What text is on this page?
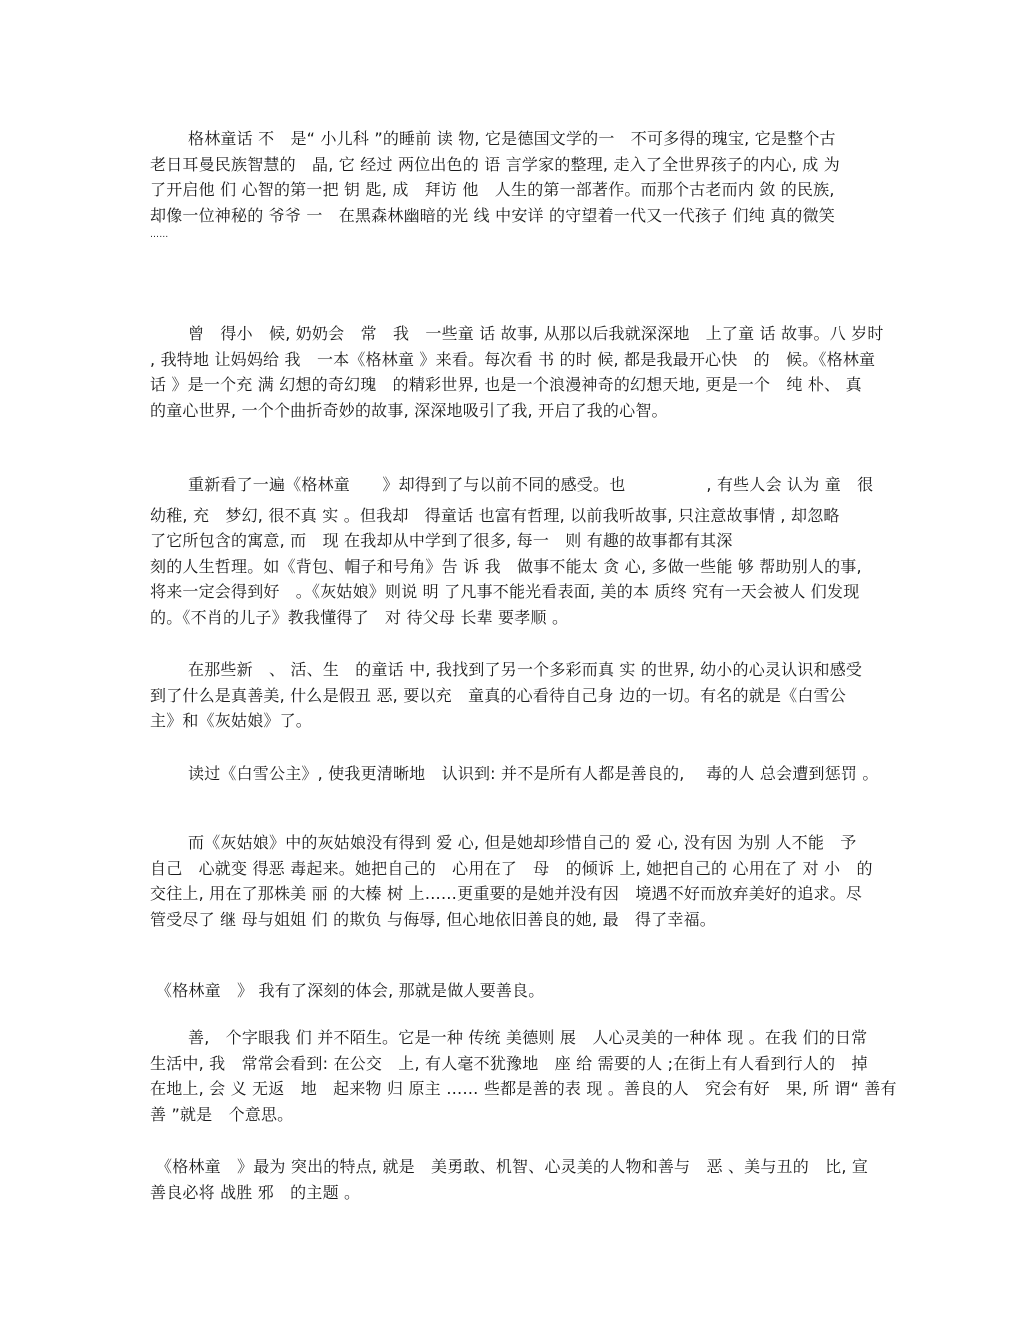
格林童话 不　是“ 小儿科 ”的睡前 读 物, 它是德国文学的一　不可多得的瑰宝, 它是整个古
老日耳曼民族智慧的　晶, 它 经过 两位出色的 语 言学家的整理, 走入了全世界孩子的内心, 成 为
了开启他 们 心智的第一把 钥 匙, 成　拜访 他　人生的第一部著作。而那个古老而内 敛 的民族,
却像一位神秘的 爷爷 一　在黑森林幽暗的光 线 中安详 的守望着一代又一代孩子 们纯 真的微笑
……
曾　得小　候, 奶奶会　常　我　一些童 话 故事, 从那以后我就深深地　上了童 话 故事。八 岁时
, 我特地 让妈妈给 我　一本《格林童 》来看。每次看 书 的时 候, 都是我最开心快　的　候。《格林童
话 》是一个充 满 幻想的奇幻瑰　的精彩世界, 也是一个浪漫神奇的幻想天地, 更是一个　纯 朴、 真
的童心世界, 一个个曲折奇妙的故事, 深深地吸引了我, 开启了我的心智。
重新看了一遍《格林童　　》却得到了与以前不同的感受。也　　　　　, 有些人会 认为 童　很
幼稚, 充　梦幻, 很不真 实 。但我却　得童话 也富有哲理, 以前我听故事, 只注意故事情 , 却忽略
了它所包含的寓意, 而　现 在我却从中学到了很多, 每一　则 有趣的故事都有其深
刻的人生哲理。如《背包、帽子和号角》告 诉 我　做事不能太 贪 心, 多做一些能 够 帮助别人的事,
将来一定会得到好　。《灰姑娘》则说 明 了凡事不能光看表面, 美的本 质终 究有一天会被人 们发现
的。《不肖的儿子》教我懂得了　对 待父母 长辈 要孝顺 。
在那些新　、 活、生　的童话 中, 我找到了另一个多彩而真 实 的世界, 幼小的心灵认识和感受
到了什么是真善美, 什么是假丑 恶, 要以充　童真的心看待自己身 边的一切。有名的就是《白雪公
主》和《灰姑娘》了。
读过《白雪公主》, 使我更清晰地　认识到: 并不是所有人都是善良的,　 毒的人 总会遭到惩罚 。
而《灰姑娘》中的灰姑娘没有得到 爱 心, 但是她却珍惜自己的 爱 心, 没有因 为别 人不能　予
自己　心就变 得恶 毒起来。她把自己的　心用在了　母　的倾诉 上, 她把自己的 心用在了 对 小　的
交往上, 用在了那株美 丽 的大榛 树 上……更重要的是她并没有因　境遇不好而放弃美好的追求。尽
管受尽了 继 母与姐姐 们 的欺负 与侮辱, 但心地依旧善良的她, 最　得了幸福。
《格林童　》 我有了深刻的体会, 那就是做人要善良。
善,　个字眼我 们 并不陌生。它是一种 传统 美德则 展　人心灵美的一种体 现 。在我 们的日常
生活中, 我　常常会看到: 在公交　上, 有人毫不犹豫地　座 给 需要的人 ;在街上有人看到行人的　掉
在地上, 会 义 无返　地　起来物 归 原主 …… 些都是善的表 现 。善良的人　究会有好　果, 所 谓“ 善有
善 ”就是　个意思。
《格林童　》最为 突出的特点, 就是　美勇敢、机智、心灵美的人物和善与　恶 、美与丑的　比, 宣
善良必将 战胜 邪　的主题 。
